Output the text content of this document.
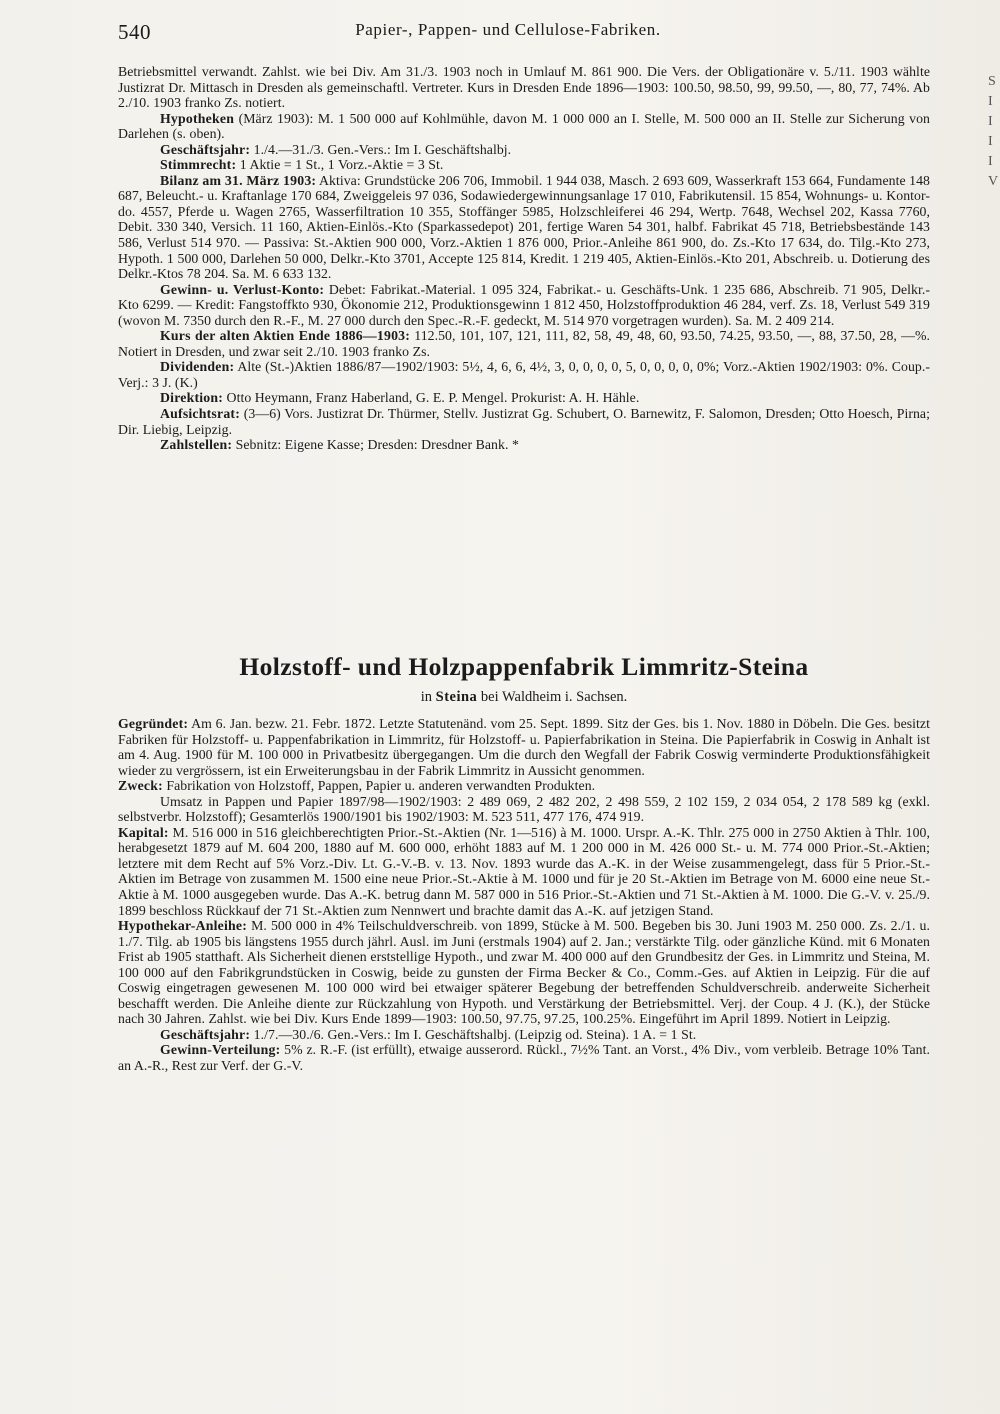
S
I
I
I
I
V
540	Papier-, Pappen- und Cellulose-Fabriken.

Betriebsmittel verwandt. Zahlst. wie bei Div. Am 31./3. 1903 noch in Umlauf M. 861 900. Die Vers. der Obligationäre v. 5./11. 1903 wählte Justizrat Dr. Mittasch in Dresden als gemeinschaftl. Vertreter. Kurs in Dresden Ende 1896—1903: 100.50, 98.50, 99, 99.50, —, 80, 77, 74%. Ab 2./10. 1903 franko Zs. notiert.

Hypotheken (März 1903): M. 1 500 000 auf Kohlmühle, davon M. 1 000 000 an I. Stelle, M. 500 000 an II. Stelle zur Sicherung von Darlehen (s. oben).

Geschäftsjahr: 1./4.—31./3. Gen.-Vers.: Im I. Geschäftshalbj.

Stimmrecht: 1 Aktie = 1 St., 1 Vorz.-Aktie = 3 St.

Bilanz am 31. März 1903: Aktiva: Grundstücke 206 706, Immobil. 1 944 038, Masch. 2 693 609, Wasserkraft 153 664, Fundamente 148 687, Beleucht.- u. Kraftanlage 170 684, Zweiggeleis 97 036, Sodawiedergewinnungsanlage 17 010, Fabrikutensil. 15 854, Wohnungs- u. Kontor-do. 4557, Pferde u. Wagen 2765, Wasserfiltration 10 355, Stoffänger 5985, Holzschleiferei 46 294, Wertp. 7648, Wechsel 202, Kassa 7760, Debit. 330 340, Versich. 11 160, Aktien-Einlös.-Kto (Sparkassedepot) 201, fertige Waren 54 301, halbf. Fabrikat 45 718, Betriebsbestände 143 586, Verlust 514 970. — Passiva: St.-Aktien 900 000, Vorz.-Aktien 1 876 000, Prior.-Anleihe 861 900, do. Zs.-Kto 17 634, do. Tilg.-Kto 273, Hypoth. 1 500 000, Darlehen 50 000, Delkr.-Kto 3701, Accepte 125 814, Kredit. 1 219 405, Aktien-Einlös.-Kto 201, Abschreib. u. Dotierung des Delkr.-Ktos 78 204. Sa. M. 6 633 132.

Gewinn- u. Verlust-Konto: Debet: Fabrikat.-Material. 1 095 324, Fabrikat.- u. Geschäfts-Unk. 1 235 686, Abschreib. 71 905, Delkr.-Kto 6299. — Kredit: Fangstoffkto 930, Ökonomie 212, Produktionsgewinn 1 812 450, Holzstoffproduktion 46 284, verf. Zs. 18, Verlust 549 319 (wovon M. 7350 durch den R.-F., M. 27 000 durch den Spec.-R.-F. gedeckt, M. 514 970 vorgetragen wurden). Sa. M. 2 409 214.

Kurs der alten Aktien Ende 1886—1903: 112.50, 101, 107, 121, 111, 82, 58, 49, 48, 60, 93.50, 74.25, 93.50, —, 88, 37.50, 28, —%. Notiert in Dresden, und zwar seit 2./10. 1903 franko Zs.

Dividenden: Alte (St.-)Aktien 1886/87—1902/1903: 5½, 4, 6, 6, 4½, 3, 0, 0, 0, 0, 5, 0, 0, 0, 0, 0%; Vorz.-Aktien 1902/1903: 0%. Coup.-Verj.: 3 J. (K.)

Direktion: Otto Heymann, Franz Haberland, G. E. P. Mengel. Prokurist: A. H. Hähle.

Aufsichtsrat: (3—6) Vors. Justizrat Dr. Thürmer, Stellv. Justizrat Gg. Schubert, O. Barnewitz, F. Salomon, Dresden; Otto Hoesch, Pirna; Dir. Liebig, Leipzig.

Zahlstellen: Sebnitz: Eigene Kasse; Dresden: Dresdner Bank. *

Holzstoff- und Holzpappenfabrik Limmritz-Steina
in Steina bei Waldheim i. Sachsen.

Gegründet: Am 6. Jan. bezw. 21. Febr. 1872. Letzte Statutenänd. vom 25. Sept. 1899. Sitz der Ges. bis 1. Nov. 1880 in Döbeln. Die Ges. besitzt Fabriken für Holzstoff- u. Pappenfabrikation in Limmritz, für Holzstoff- u. Papierfabrikation in Steina. Die Papierfabrik in Coswig in Anhalt ist am 4. Aug. 1900 für M. 100 000 in Privatbesitz übergegangen. Um die durch den Wegfall der Fabrik Coswig verminderte Produktionsfähigkeit wieder zu vergrössern, ist ein Erweiterungsbau in der Fabrik Limmritz in Aussicht genommen.

Zweck: Fabrikation von Holzstoff, Pappen, Papier u. anderen verwandten Produkten.

Umsatz in Pappen und Papier 1897/98—1902/1903: 2 489 069, 2 482 202, 2 498 559, 2 102 159, 2 034 054, 2 178 589 kg (exkl. selbstverbr. Holzstoff); Gesamterlös 1900/1901 bis 1902/1903: M. 523 511, 477 176, 474 919.

Kapital: M. 516 000 in 516 gleichberechtigten Prior.-St.-Aktien (Nr. 1—516) à M. 1000. Urspr. A.-K. Thlr. 275 000 in 2750 Aktien à Thlr. 100, herabgesetzt 1879 auf M. 604 200, 1880 auf M. 600 000, erhöht 1883 auf M. 1 200 000 in M. 426 000 St.- u. M. 774 000 Prior.-St.-Aktien; letztere mit dem Recht auf 5% Vorz.-Div. Lt. G.-V.-B. v. 13. Nov. 1893 wurde das A.-K. in der Weise zusammengelegt, dass für 5 Prior.-St.-Aktien im Betrage von zusammen M. 1500 eine neue Prior.-St.-Aktie à M. 1000 und für je 20 St.-Aktien im Betrage von M. 6000 eine neue St.-Aktie à M. 1000 ausgegeben wurde. Das A.-K. betrug dann M. 587 000 in 516 Prior.-St.-Aktien und 71 St.-Aktien à M. 1000. Die G.-V. v. 25./9. 1899 beschloss Rückkauf der 71 St.-Aktien zum Nennwert und brachte damit das A.-K. auf jetzigen Stand.

Hypothekar-Anleihe: M. 500 000 in 4% Teilschuldverschreib. von 1899, Stücke à M. 500. Begeben bis 30. Juni 1903 M. 250 000. Zs. 2./1. u. 1./7. Tilg. ab 1905 bis längstens 1955 durch jährl. Ausl. im Juni (erstmals 1904) auf 2. Jan.; verstärkte Tilg. oder gänzliche Künd. mit 6 Monaten Frist ab 1905 statthaft. Als Sicherheit dienen erststellige Hypoth., und zwar M. 400 000 auf den Grundbesitz der Ges. in Limmritz und Steina, M. 100 000 auf den Fabrikgrundstücken in Coswig, beide zu gunsten der Firma Becker & Co., Comm.-Ges. auf Aktien in Leipzig. Für die auf Coswig eingetragen gewesenen M. 100 000 wird bei etwaiger späterer Begebung der betreffenden Schuldverschreib. anderweite Sicherheit beschafft werden. Die Anleihe diente zur Rückzahlung von Hypoth. und Verstärkung der Betriebsmittel. Verj. der Coup. 4 J. (K.), der Stücke nach 30 Jahren. Zahlst. wie bei Div. Kurs Ende 1899—1903: 100.50, 97.75, 97.25, 100.25%. Eingeführt im April 1899. Notiert in Leipzig.

Geschäftsjahr: 1./7.—30./6. Gen.-Vers.: Im I. Geschäftshalbj. (Leipzig od. Steina). 1 A. = 1 St.

Gewinn-Verteilung: 5% z. R.-F. (ist erfüllt), etwaige ausserord. Rückl., 7½% Tant. an Vorst., 4% Div., vom verbleib. Betrage 10% Tant. an A.-R., Rest zur Verf. der G.-V.
